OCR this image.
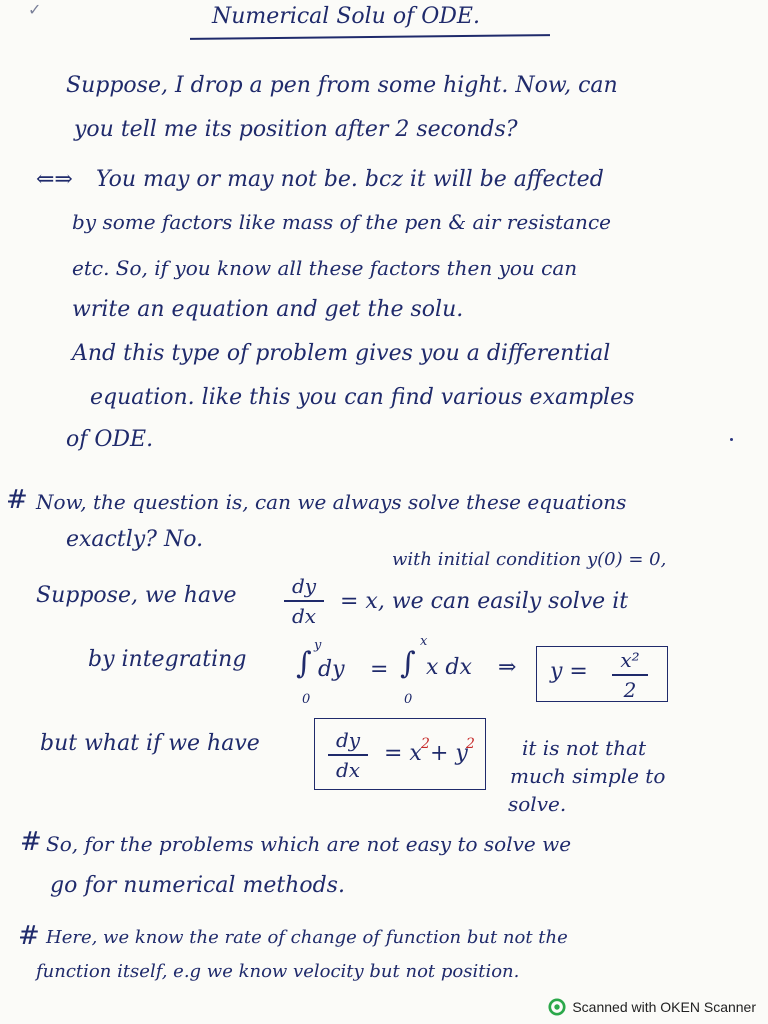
✓	Numerical Solu of ODE.
Suppose, I drop a pen from some hight. Now, can
you tell me its position after 2 seconds?
⇐⇒ You may or may not be. bcz it will be affected
by some factors like mass of the pen & air resistance
etc. So, if you know all these factors then you can
write an equation and get the solu.
And this type of problem gives you a differential
equation. like this you can find various examples
of ODE.
# Now, the question is, can we always solve these equations
exactly? No.
with initial condition y(0) = 0,
Suppose, we have	dy
dx
= x, we can easily solve it
by integrating ∫
y
0
dy = ∫
x
0
x dx ⇒ y =	x²
2
but what if we have	dy
dx
= x 2 + y
2 it is not that
much simple to
solve.
# So, for the problems which are not easy to solve we
go for numerical methods.
# Here, we know the rate of change of function but not the
function itself, e.g we know velocity but not position.
Scanned with OKEN Scanner
